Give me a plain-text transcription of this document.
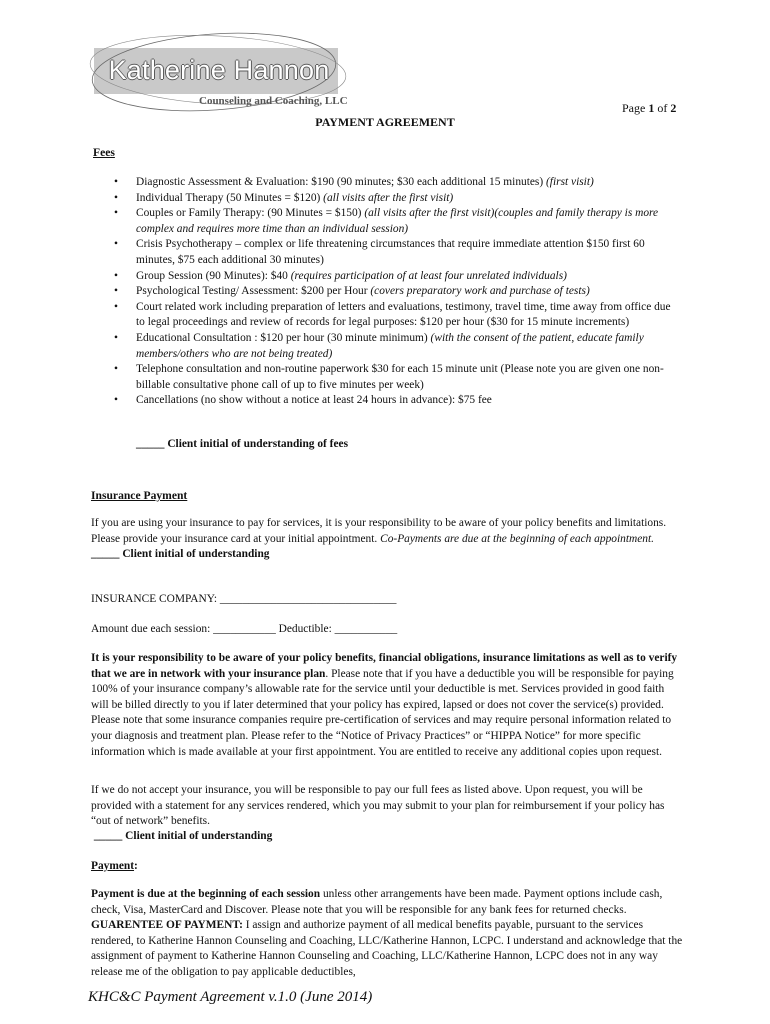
Katherine Hannon
Counseling and Coaching, LLC	Page 1 of 2
PAYMENT AGREEMENT
Fees
• Diagnostic Assessment & Evaluation: $190 (90 minutes; $30 each additional 15 minutes) (first visit)
• Individual Therapy (50 Minutes = $120) (all visits after the first visit)
• Couples or Family Therapy: (90 Minutes = $150) (all visits after the first visit)(couples and family therapy is more complex and requires more time than an individual session)
• Crisis Psychotherapy – complex or life threatening circumstances that require immediate attention $150 first 60 minutes, $75 each additional 30 minutes)
• Group Session (90 Minutes): $40 (requires participation of at least four unrelated individuals)
• Psychological Testing/ Assessment: $200 per Hour (covers preparatory work and purchase of tests)
• Court related work including preparation of letters and evaluations, testimony, travel time, time away from office due to legal proceedings and review of records for legal purposes: $120 per hour ($30 for 15 minute increments)
• Educational Consultation : $120 per hour (30 minute minimum) (with the consent of the patient, educate family members/others who are not being treated)
• Telephone consultation and non-routine paperwork $30 for each 15 minute unit (Please note you are given one non-billable consultative phone call of up to five minutes per week)
• Cancellations (no show without a notice at least 24 hours in advance): $75 fee
_____ Client initial of understanding of fees
Insurance Payment
If you are using your insurance to pay for services, it is your responsibility to be aware of your policy benefits and limitations. Please provide your insurance card at your initial appointment. Co-Payments are due at the beginning of each appointment. _____ Client initial of understanding
INSURANCE COMPANY: _______________________________
Amount due each session: ___________ Deductible: ___________
It is your responsibility to be aware of your policy benefits, financial obligations, insurance limitations as well as to verify that we are in network with your insurance plan. Please note that if you have a deductible you will be responsible for paying 100% of your insurance company’s allowable rate for the service until your deductible is met. Services provided in good faith will be billed directly to you if later determined that your policy has expired, lapsed or does not cover the service(s) provided. Please note that some insurance companies require pre-certification of services and may require personal information related to your diagnosis and treatment plan. Please refer to the “Notice of Privacy Practices” or “HIPPA Notice” for more specific information which is made available at your first appointment. You are entitled to receive any additional copies upon request.
If we do not accept your insurance, you will be responsible to pay our full fees as listed above. Upon request, you will be provided with a statement for any services rendered, which you may submit to your plan for reimbursement if your policy has “out of network” benefits.
_____ Client initial of understanding
Payment:
Payment is due at the beginning of each session unless other arrangements have been made. Payment options include cash, check, Visa, MasterCard and Discover. Please note that you will be responsible for any bank fees for returned checks. GUARENTEE OF PAYMENT: I assign and authorize payment of all medical benefits payable, pursuant to the services rendered, to Katherine Hannon Counseling and Coaching, LLC/Katherine Hannon, LCPC. I understand and acknowledge that the assignment of payment to Katherine Hannon Counseling and Coaching, LLC/Katherine Hannon, LCPC does not in any way release me of the obligation to pay applicable deductibles,
KHC&C Payment Agreement v.1.0 (June 2014)
